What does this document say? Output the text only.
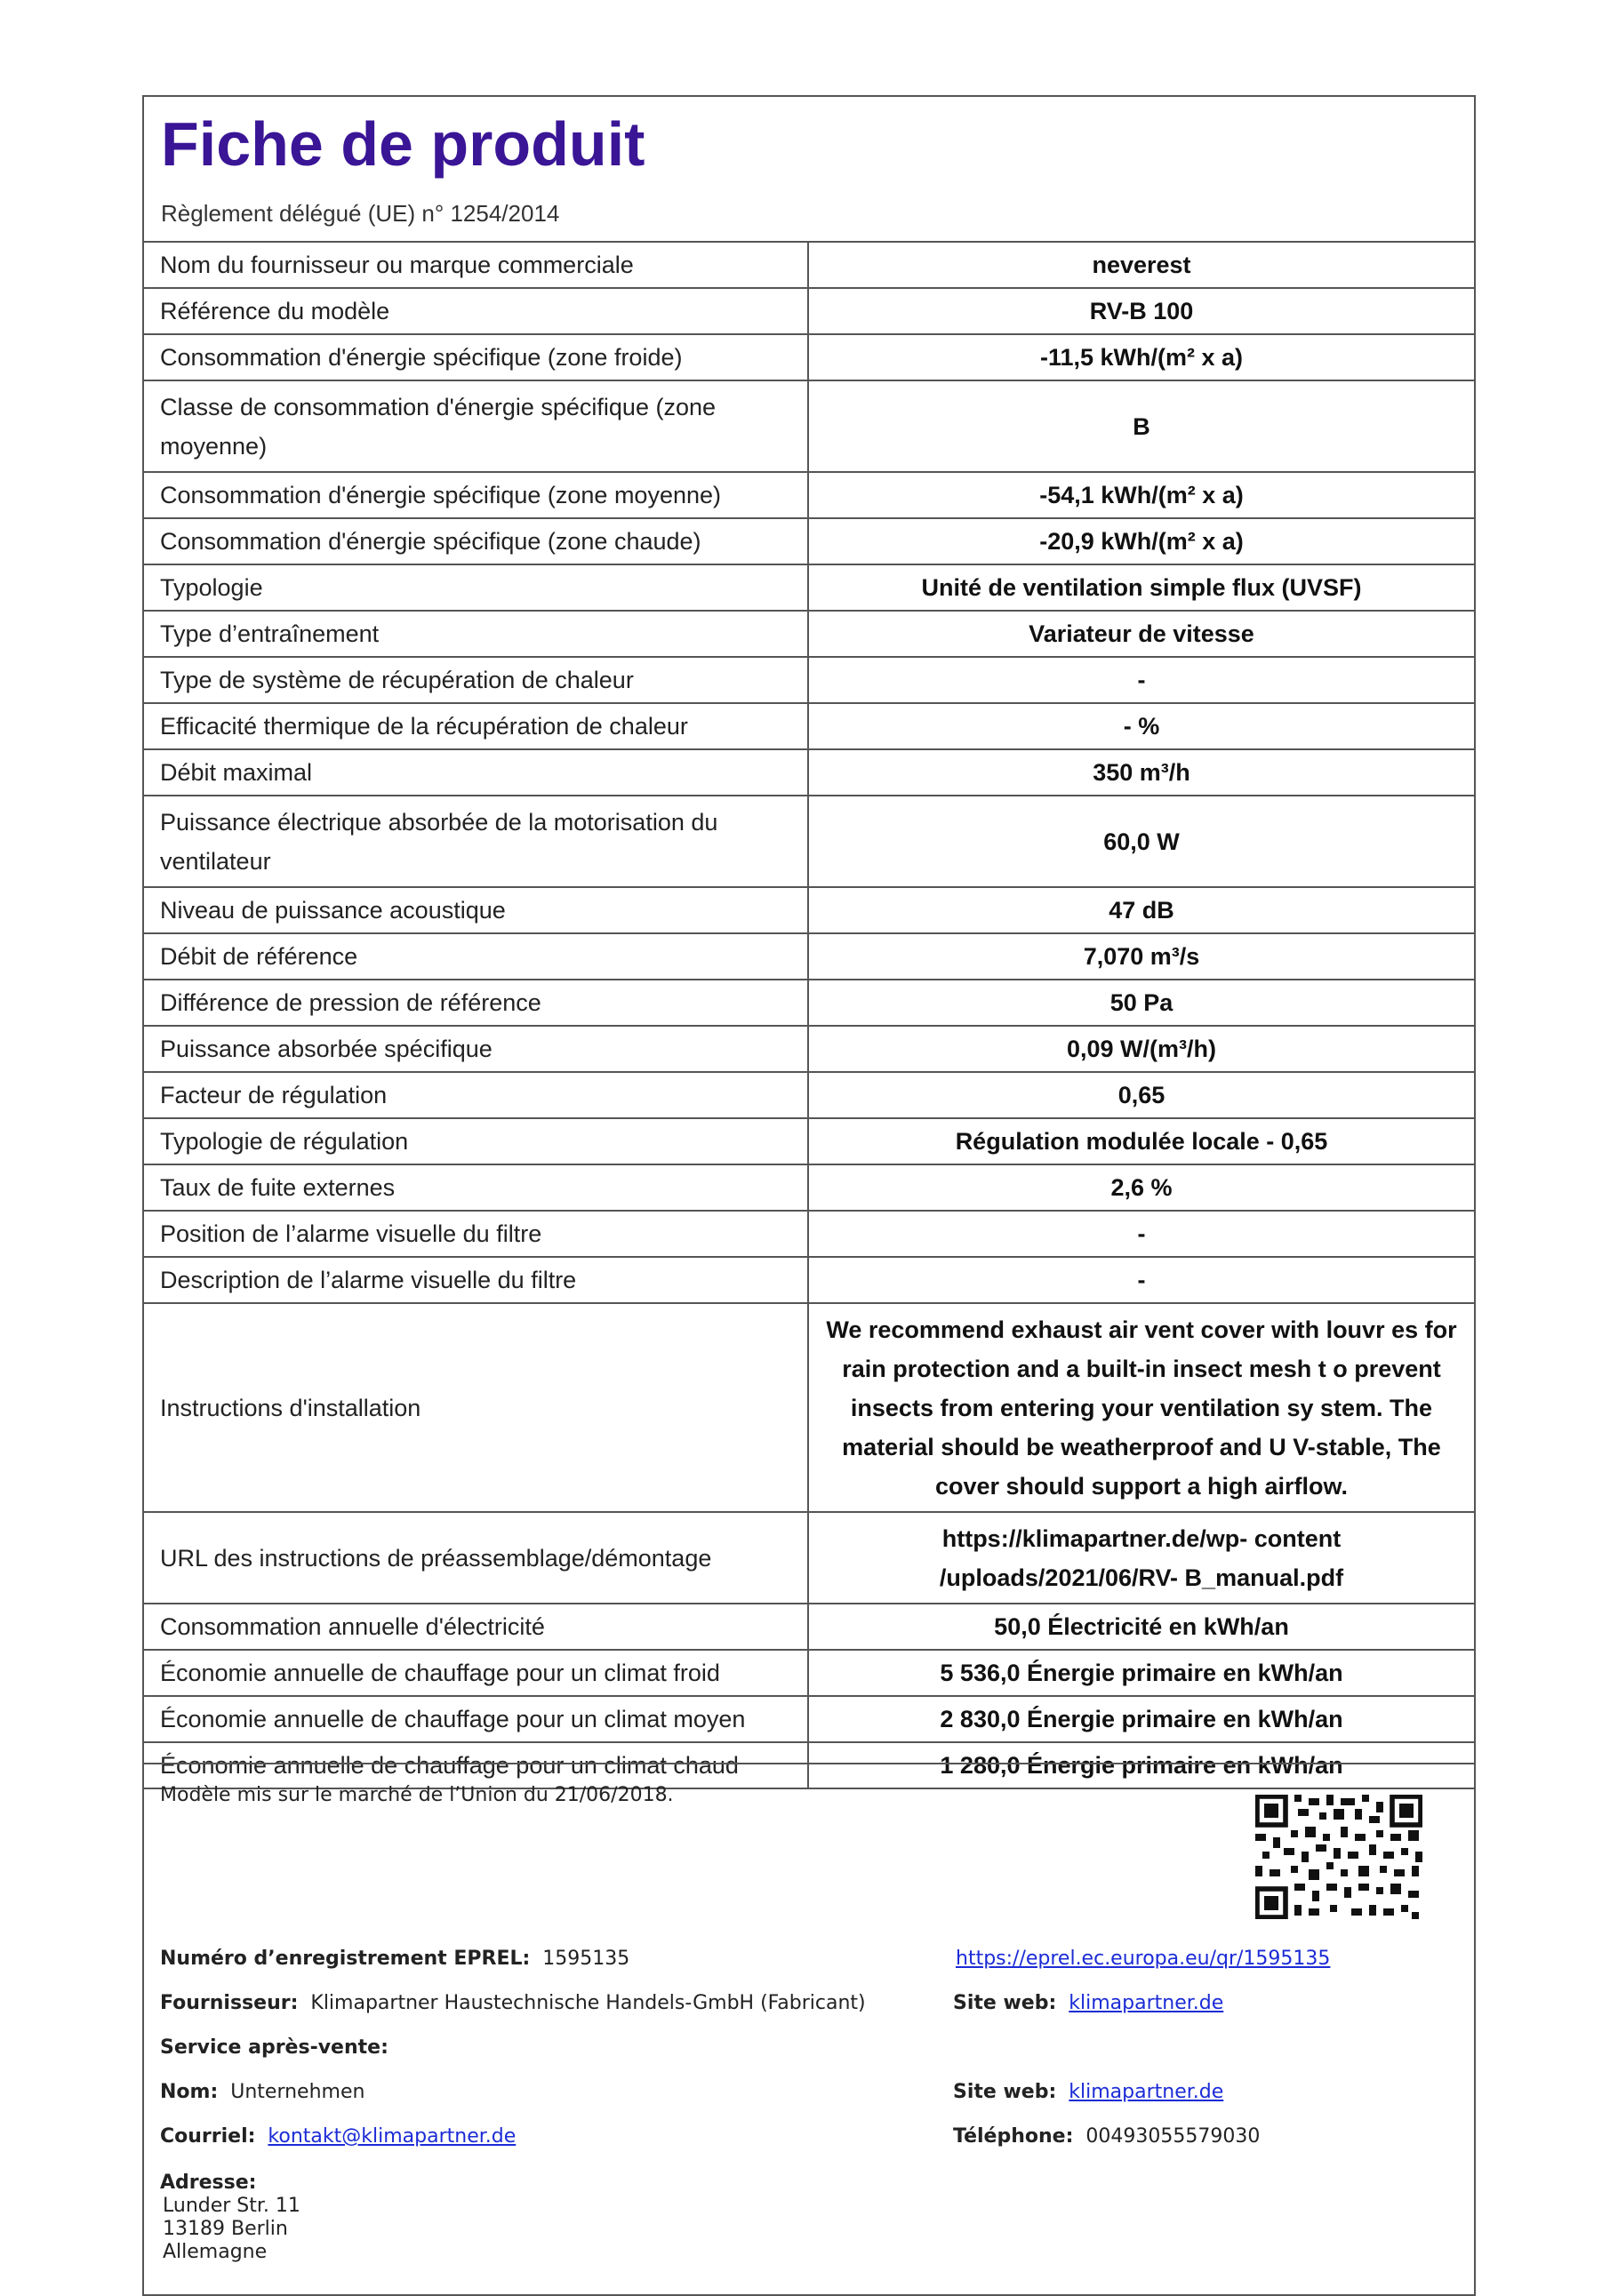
Fiche de produit
Règlement délégué (UE) n° 1254/2014
Nom du fournisseur ou marque commerciale	neverest
Référence du modèle	RV-B 100
Consommation d'énergie spécifique (zone froide)	-11,5 kWh/(m² x a)
Classe de consommation d'énergie spécifique (zone moyenne)	B
Consommation d'énergie spécifique (zone moyenne)	-54,1 kWh/(m² x a)
Consommation d'énergie spécifique (zone chaude)	-20,9 kWh/(m² x a)
Typologie	Unité de ventilation simple flux (UVSF)
Type d’entraînement	Variateur de vitesse
Type de système de récupération de chaleur	-
Efficacité thermique de la récupération de chaleur	- %
Débit maximal	350 m³/h
Puissance électrique absorbée de la motorisation du ventilateur	60,0 W
Niveau de puissance acoustique	47 dB
Débit de référence	7,070 m³/s
Différence de pression de référence	50 Pa
Puissance absorbée spécifique	0,09 W/(m³/h)
Facteur de régulation	0,65
Typologie de régulation	Régulation modulée locale - 0,65
Taux de fuite externes	2,6 %
Position de l’alarme visuelle du filtre	-
Description de l’alarme visuelle du filtre	-
Instructions d'installation	We recommend exhaust air vent cover with louvr es for rain protection and a built-in insect mesh t o prevent insects from entering your ventilation sy stem. The material should be weatherproof and U V-stable, The cover should support a high airflow.
URL des instructions de préassemblage/démontage	https://klimapartner.de/wp- content /uploads/2021/06/RV- B_manual.pdf
Consommation annuelle d'électricité	50,0 Électricité en kWh/an
Économie annuelle de chauffage pour un climat froid	5 536,0 Énergie primaire en kWh/an
Économie annuelle de chauffage pour un climat moyen	2 830,0 Énergie primaire en kWh/an
Économie annuelle de chauffage pour un climat chaud	1 280,0 Énergie primaire en kWh/an
Modèle mis sur le marché de l’Union du 21/06/2018.
Numéro d’enregistrement EPREL: 1595135	https://eprel.ec.europa.eu/qr/1595135
Fournisseur: Klimapartner Haustechnische Handels-GmbH (Fabricant)	Site web: klimapartner.de
Service après-vente:
Nom: Unternehmen	Site web: klimapartner.de
Courriel: kontakt@klimapartner.de	Téléphone: 00493055579030
Adresse:
Lunder Str. 11
13189 Berlin
Allemagne
